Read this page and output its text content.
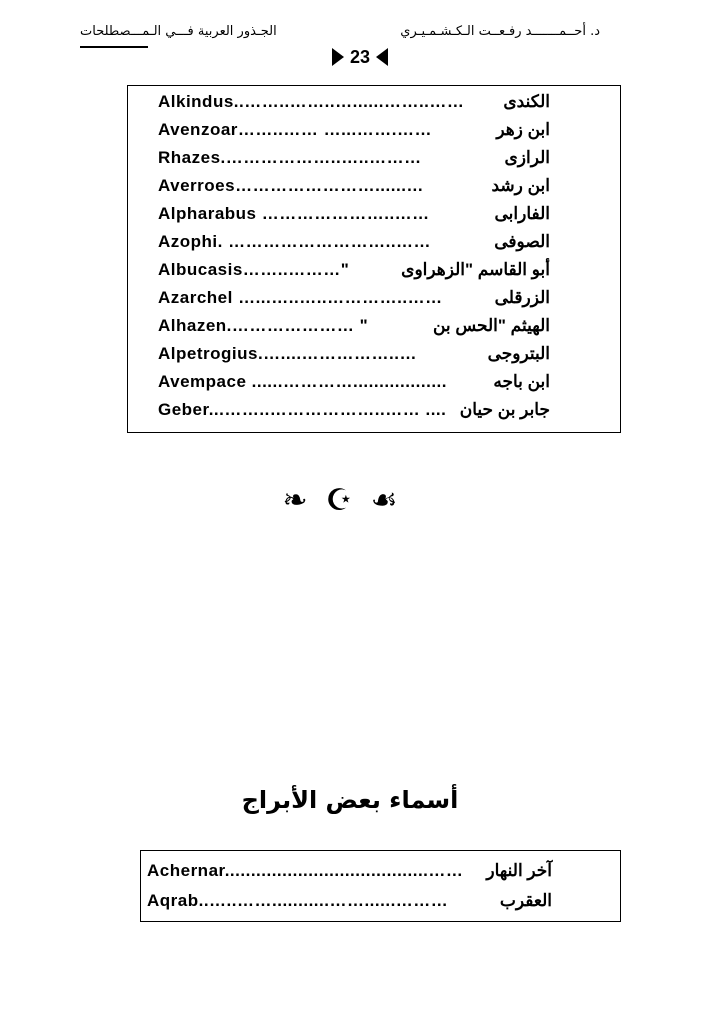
د. أحــمـــــــد رفـعــت الـكـشـمـيـري
الجـذور العربية فـــي الـمـــصطلحات
23
Alkindus..……..……..…......……..…… الكندى
Avenzoar……..…… …...…….……	ابن زهر
Rhazes.………………..…..………	الرازى
Averroes……………………......…	ابن رشد
Alpharabus …………………..……	الفارابى
Azophi. ………………………..……	الصوفى
Albucasis……..………"	أبو القاسم "الزهراوى
Azarchel …...…..…..…………..……	الزرقلى
Alhazen.………………… "	الهيثم "الحس بن
Alpetrogius.…....……………..…	البتروجى
Avempace ......…………..................	ابن باجه
Geber...……..………………..…… .... جابر بن حيان
❧ ☪ ☙
أسماء بعض الأبراج
Achernar.......................................…… آخر النهار
Aqrab..…..……...........……......………	العقرب
